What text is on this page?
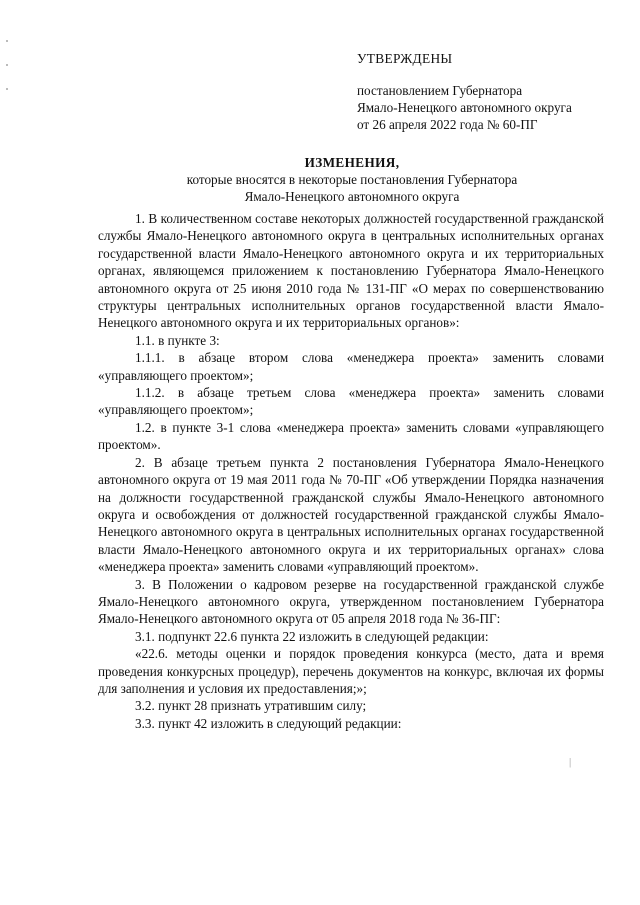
УТВЕРЖДЕНЫ
постановлением Губернатора
Ямало-Ненецкого автономного округа
от 26 апреля 2022 года № 60-ПГ
ИЗМЕНЕНИЯ,
которые вносятся в некоторые постановления Губернатора
Ямало-Ненецкого автономного округа

1. В количественном составе некоторых должностей государственной гражданской службы Ямало-Ненецкого автономного округа в центральных исполнительных органах государственной власти Ямало-Ненецкого автономного округа и их территориальных органах, являющемся приложением к постановлению Губернатора Ямало-Ненецкого автономного округа от 25 июня 2010 года № 131-ПГ «О мерах по совершенствованию структуры центральных исполнительных органов государственной власти Ямало-Ненецкого автономного округа и их территориальных органов»:

1.1. в пункте 3:

1.1.1. в абзаце втором слова «менеджера проекта» заменить словами «управляющего проектом»;

1.1.2. в абзаце третьем слова «менеджера проекта» заменить словами «управляющего проектом»;

1.2. в пункте 3-1 слова «менеджера проекта» заменить словами «управляющего проектом».

2. В абзаце третьем пункта 2 постановления Губернатора Ямало-Ненецкого автономного округа от 19 мая 2011 года № 70-ПГ «Об утверждении Порядка назначения на должности государственной гражданской службы Ямало-Ненецкого автономного округа и освобождения от должностей государственной гражданской службы Ямало-Ненецкого автономного округа в центральных исполнительных органах государственной власти Ямало-Ненецкого автономного округа и их территориальных органах» слова «менеджера проекта» заменить словами «управляющий проектом».

3. В Положении о кадровом резерве на государственной гражданской службе Ямало-Ненецкого автономного округа, утвержденном постановлением Губернатора Ямало-Ненецкого автономного округа от 05 апреля 2018 года № 36-ПГ:

3.1. подпункт 22.6 пункта 22 изложить в следующей редакции:

«22.6. методы оценки и порядок проведения конкурса (место, дата и время проведения конкурсных процедур), перечень документов на конкурс, включая их формы для заполнения и условия их предоставления;»;

3.2. пункт 28 признать утратившим силу;

3.3. пункт 42 изложить в следующий редакции:

|
